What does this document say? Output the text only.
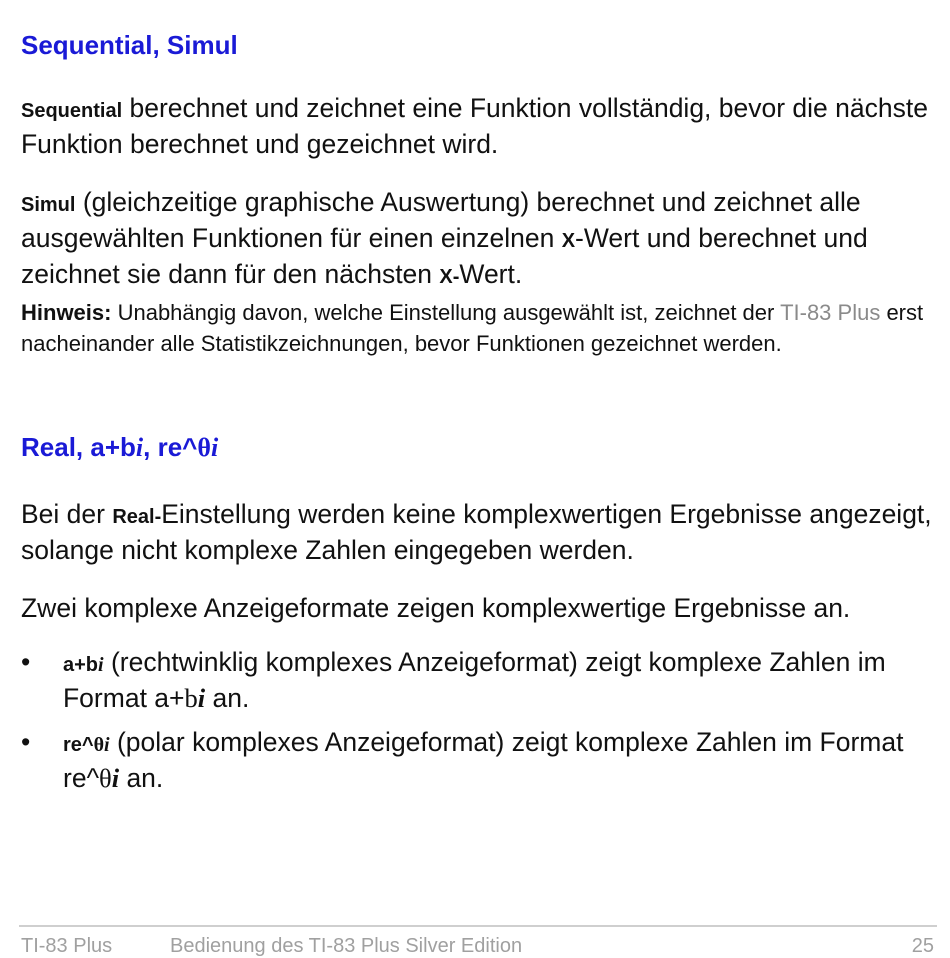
Sequential, Simul

Sequential berechnet und zeichnet eine Funktion vollständig, bevor die nächste Funktion berechnet und gezeichnet wird.

Simul (gleichzeitige graphische Auswertung) berechnet und zeichnet alle ausgewählten Funktionen für einen einzelnen X-Wert und berechnet und zeichnet sie dann für den nächsten X-Wert.

Hinweis: Unabhängig davon, welche Einstellung ausgewählt ist, zeichnet der TI-83 Plus erst nacheinander alle Statistikzeichnungen, bevor Funktionen gezeichnet werden.

Real, a+bi, re^θi

Bei der Real-Einstellung werden keine komplexwertigen Ergebnisse angezeigt, solange nicht komplexe Zahlen eingegeben werden.

Zwei komplexe Anzeigeformate zeigen komplexwertige Ergebnisse an.

•	a+bi (rechtwinklig komplexes Anzeigeformat) zeigt komplexe Zahlen im Format a+bi an.
•	re^θi (polar komplexes Anzeigeformat) zeigt komplexe Zahlen im Format re^θi an.
TI-83 Plus	Bedienung des TI-83 Plus Silver Edition	25
